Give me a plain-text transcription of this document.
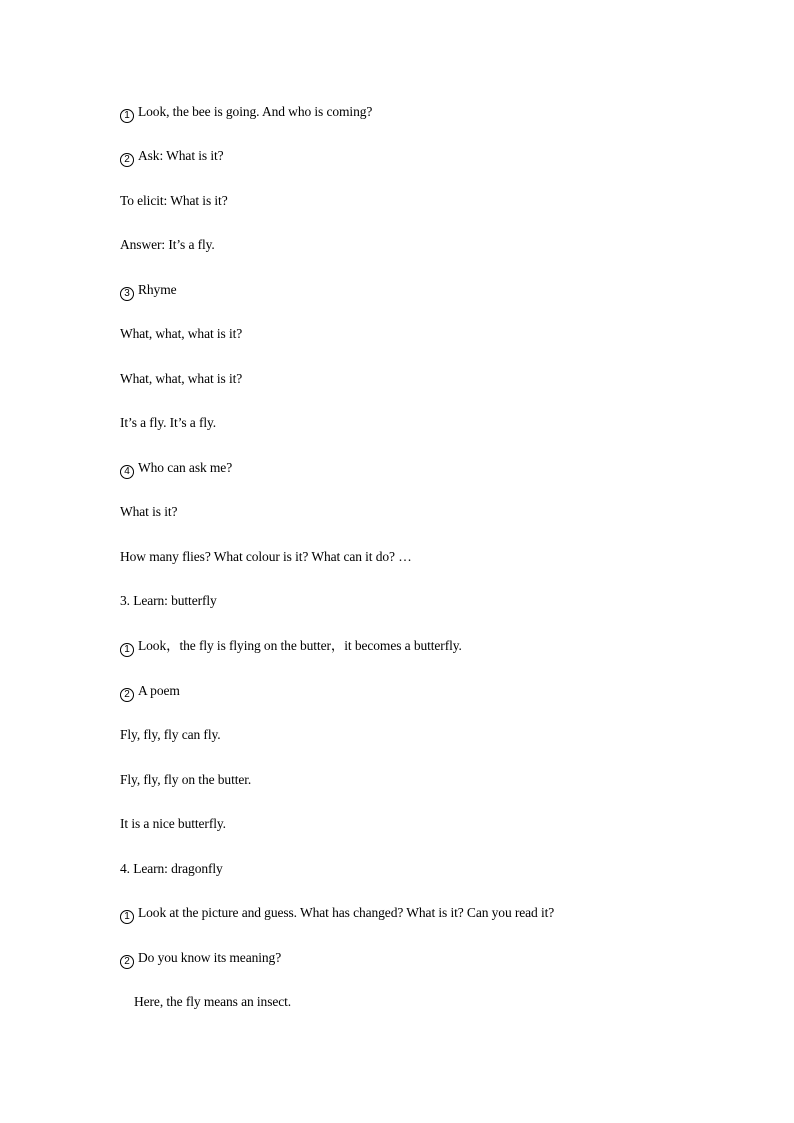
1 Look, the bee is going. And who is coming?
2 Ask: What is it?
To elicit: What is it?
Answer: It’s a fly.
3 Rhyme
What, what, what is it?
What, what, what is it?
It’s a fly. It’s a fly.
4 Who can ask me?
What is it?
How many flies? What colour is it? What can it do? …
3. Learn: butterfly
1 Look，the fly is flying on the butter，it becomes a butterfly.
2 A poem
Fly, fly, fly can fly.
Fly, fly, fly on the butter.
It is a nice butterfly.
4. Learn: dragonfly
1 Look at the picture and guess. What has changed? What is it? Can you read it?
2 Do you know its meaning?
Here, the fly means an insect.
